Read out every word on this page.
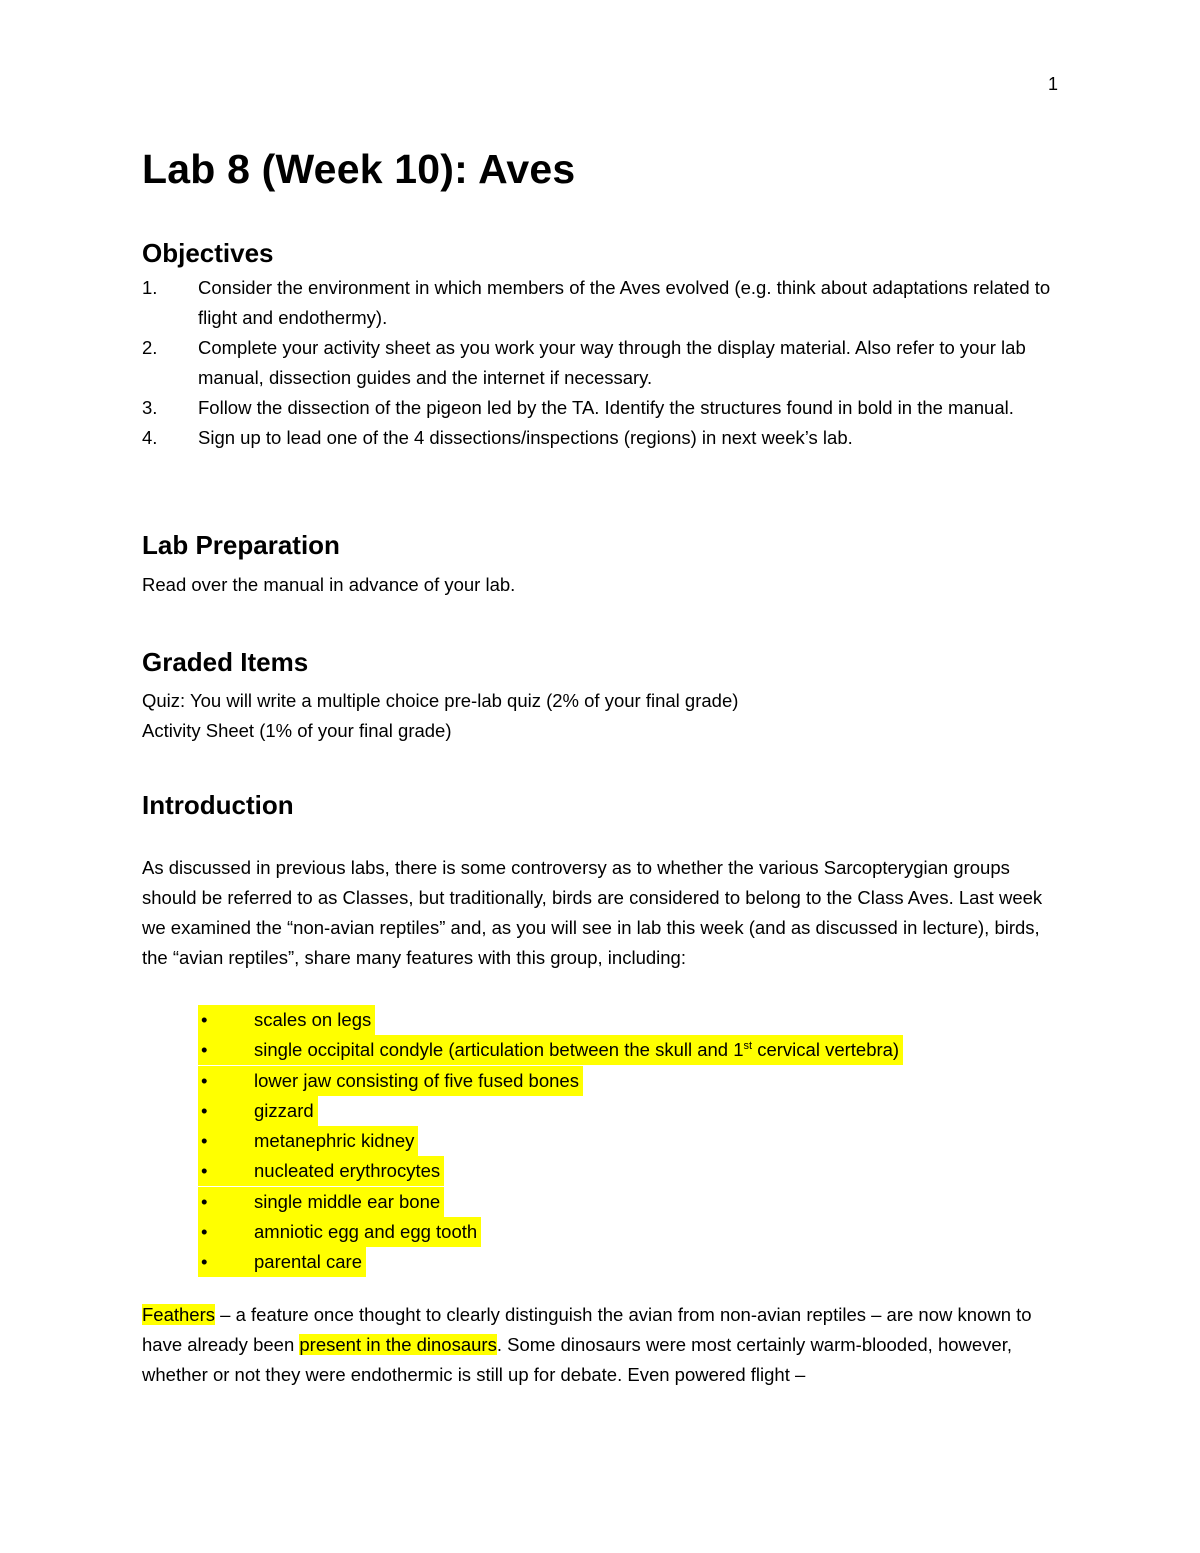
1
Lab 8 (Week 10): Aves
Objectives
1. Consider the environment in which members of the Aves evolved (e.g. think about adaptations related to flight and endothermy).
2. Complete your activity sheet as you work your way through the display material. Also refer to your lab manual, dissection guides and the internet if necessary.
3. Follow the dissection of the pigeon led by the TA. Identify the structures found in bold in the manual.
4. Sign up to lead one of the 4 dissections/inspections (regions) in next week’s lab.
Lab Preparation

Read over the manual in advance of your lab.

Graded Items

Quiz: You will write a multiple choice pre-lab quiz (2% of your final grade)

Activity Sheet (1% of your final grade)

Introduction

As discussed in previous labs, there is some controversy as to whether the various Sarcopterygian groups should be referred to as Classes, but traditionally, birds are considered to belong to the Class Aves. Last week we examined the “non-avian reptiles” and, as you will see in lab this week (and as discussed in lecture), birds, the “avian reptiles”, share many features with this group, including:

•	scales on legs
•	single occipital condyle (articulation between the skull and 1st cervical vertebra)
•	lower jaw consisting of five fused bones
•	gizzard
•	metanephric kidney
•	nucleated erythrocytes
•	single middle ear bone
•	amniotic egg and egg tooth
•	parental care

Feathers – a feature once thought to clearly distinguish the avian from non-avian reptiles – are now known to have already been present in the dinosaurs. Some dinosaurs were most certainly warm-blooded, however, whether or not they were endothermic is still up for debate. Even powered flight –
